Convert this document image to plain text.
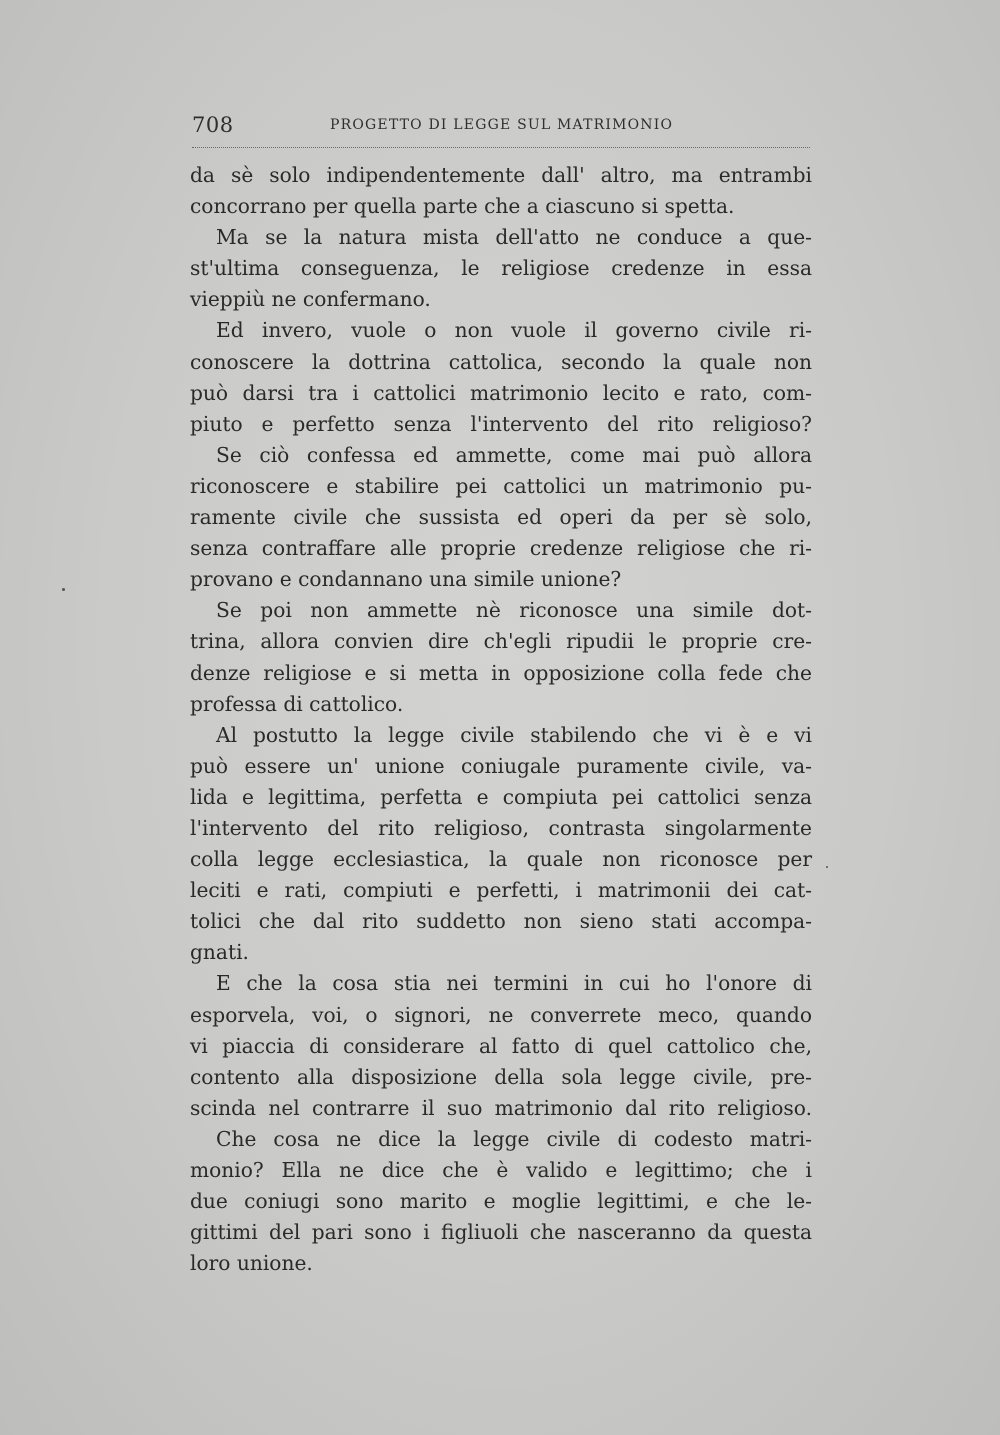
708	PROGETTO DI LEGGE SUL MATRIMONIO
da sè solo indipendentemente dall' altro, ma entrambi
concorrano per quella parte che a ciascuno si spetta.
Ma se la natura mista dell'atto ne conduce a que-
st'ultima conseguenza, le religiose credenze in essa
vieppiù ne confermano.
Ed invero, vuole o non vuole il governo civile ri-
conoscere la dottrina cattolica, secondo la quale non
può darsi tra i cattolici matrimonio lecito e rato, com-
piuto e perfetto senza l'intervento del rito religioso?
Se ciò confessa ed ammette, come mai può allora
riconoscere e stabilire pei cattolici un matrimonio pu-
ramente civile che sussista ed operi da per sè solo,
senza contraffare alle proprie credenze religiose che ri-
provano e condannano una simile unione?
Se poi non ammette nè riconosce una simile dot-
trina, allora convien dire ch'egli ripudii le proprie cre-
denze religiose e si metta in opposizione colla fede che
professa di cattolico.
Al postutto la legge civile stabilendo che vi è e vi
può essere un' unione coniugale puramente civile, va-
lida e legittima, perfetta e compiuta pei cattolici senza
l'intervento del rito religioso, contrasta singolarmente
colla legge ecclesiastica, la quale non riconosce per
leciti e rati, compiuti e perfetti, i matrimonii dei cat-
tolici che dal rito suddetto non sieno stati accompa-
gnati.
E che la cosa stia nei termini in cui ho l'onore di
esporvela, voi, o signori, ne converrete meco, quando
vi piaccia di considerare al fatto di quel cattolico che,
contento alla disposizione della sola legge civile, pre-
scinda nel contrarre il suo matrimonio dal rito religioso.
Che cosa ne dice la legge civile di codesto matri-
monio? Ella ne dice che è valido e legittimo; che i
due coniugi sono marito e moglie legittimi, e che le-
gittimi del pari sono i figliuoli che nasceranno da questa
loro unione.
